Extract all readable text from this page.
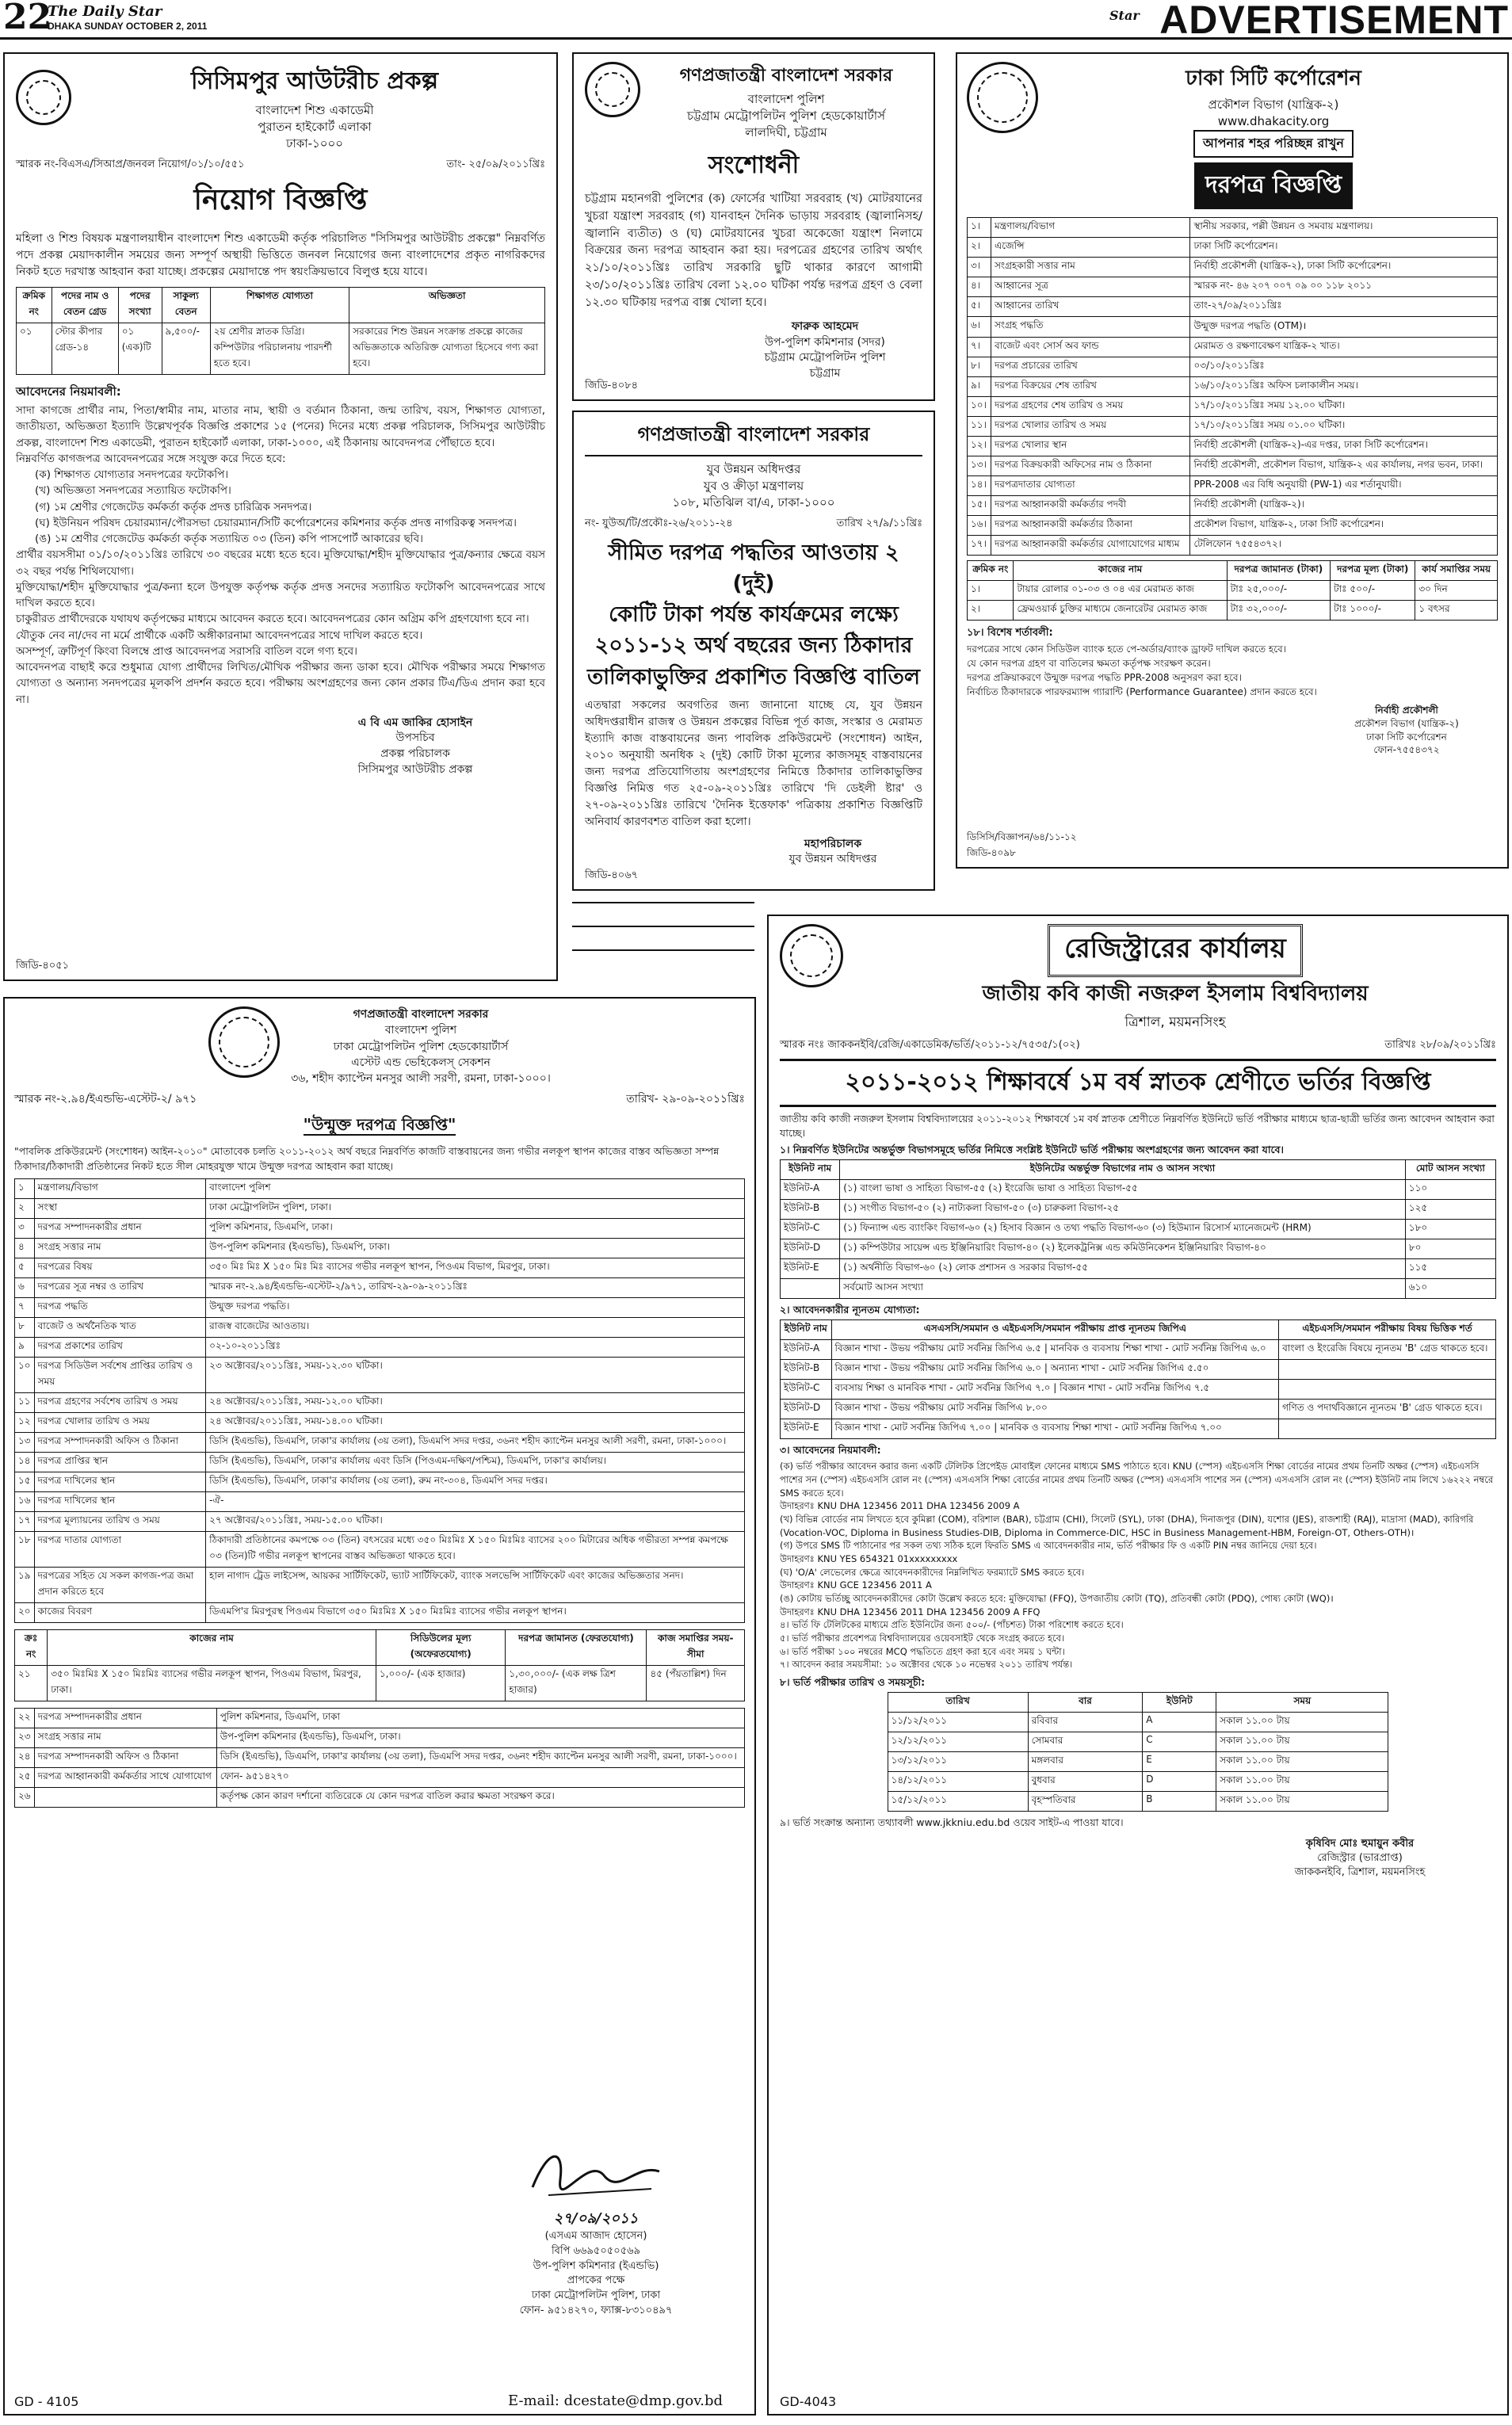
22
The Daily Star
DHAKA SUNDAY OCTOBER 2, 2011
Star ADVERTISEMENT
সিসিমপুর আউটরীচ প্রকল্প
বাংলাদেশ শিশু একাডেমী
পুরাতন হাইকোর্ট এলাকা
ঢাকা-১০০০
স্মারক নং-বিএসএ/সিআপ্র/জনবল নিয়োগ/০১/১০/৫৫১	তাং- ২৫/০৯/২০১১খ্রিঃ
নিয়োগ বিজ্ঞপ্তি
মহিলা ও শিশু বিষয়ক মন্ত্রণালয়াধীন বাংলাদেশ শিশু একাডেমী কর্তৃক পরিচালিত "সিসিমপুর আউটরীচ প্রকল্পে" নিম্নবর্ণিত পদে প্রকল্প মেয়াদকালীন সময়ের জন্য সম্পূর্ণ অস্থায়ী ভিত্তিতে জনবল নিয়োগের জন্য বাংলাদেশের প্রকৃত নাগরিকদের নিকট হতে দরখাস্ত আহবান করা যাচ্ছে। প্রকল্পের মেয়াদান্তে পদ স্বয়ংক্রিয়ভাবে বিলুপ্ত হয়ে যাবে।
ক্রমিক নং	পদের নাম ও বেতন গ্রেড	পদের সংখ্যা	সাকুল্য বেতন	শিক্ষাগত যোগ্যতা	অভিজ্ঞতা
০১	স্টোর কীপার গ্রেড-১৪	০১ (এক)টি	৯,৫০০/-	২য় শ্রেণীর স্নাতক ডিগ্রি। কম্পিউটার পরিচালনায় পারদর্শী হতে হবে।	সরকারের শিশু উন্নয়ন সংক্রান্ত প্রকল্পে কাজের অভিজ্ঞতাকে অতিরিক্ত যোগ্যতা হিসেবে গণ্য করা হবে।
আবেদনের নিয়মাবলী:
সাদা কাগজে প্রার্থীর নাম, পিতা/স্বামীর নাম, মাতার নাম, স্থায়ী ও বর্তমান ঠিকানা, জন্ম তারিখ, বয়স, শিক্ষাগত যোগ্যতা, জাতীয়তা, অভিজ্ঞতা ইত্যাদি উল্লেখপূর্বক বিজ্ঞপ্তি প্রকাশের ১৫ (পনের) দিনের মধ্যে প্রকল্প পরিচালক, সিসিমপুর আউটরীচ প্রকল্প, বাংলাদেশ শিশু একাডেমী, পুরাতন হাইকোর্ট এলাকা, ঢাকা-১০০০, এই ঠিকানায় আবেদনপত্র পৌঁছাতে হবে।
নিম্নবর্ণিত কাগজপত্র আবেদনপত্রের সঙ্গে সংযুক্ত করে দিতে হবে:
(ক) শিক্ষাগত যোগ্যতার সনদপত্রের ফটোকপি।
(খ) অভিজ্ঞতা সনদপত্রের সত্যায়িত ফটোকপি।
(গ) ১ম শ্রেণীর গেজেটেড কর্মকর্তা কর্তৃক প্রদত্ত চারিত্রিক সনদপত্র।
(ঘ) ইউনিয়ন পরিষদ চেয়ারম্যান/পৌরসভা চেয়ারম্যান/সিটি কর্পোরেশনের কমিশনার কর্তৃক প্রদত্ত নাগরিকত্ব সনদপত্র।
(ঙ) ১ম শ্রেণীর গেজেটেড কর্মকর্তা কর্তৃক সত্যায়িত ০৩ (তিন) কপি পাসপোর্ট আকারের ছবি।
প্রার্থীর বয়সসীমা ০১/১০/২০১১খ্রিঃ তারিখে ৩০ বছরের মধ্যে হতে হবে। মুক্তিযোদ্ধা/শহীদ মুক্তিযোদ্ধার পুত্র/কন্যার ক্ষেত্রে বয়স ৩২ বছর পর্যন্ত শিথিলযোগ্য।
মুক্তিযোদ্ধা/শহীদ মুক্তিযোদ্ধার পুত্র/কন্যা হলে উপযুক্ত কর্তৃপক্ষ কর্তৃক প্রদত্ত সনদের সত্যায়িত ফটোকপি আবেদনপত্রের সাথে দাখিল করতে হবে।
চাকুরীরত প্রার্থীদেরকে যথাযথ কর্তৃপক্ষের মাধ্যমে আবেদন করতে হবে। আবেদনপত্রের কোন অগ্রিম কপি গ্রহণযোগ্য হবে না।
যৌতুক নেব না/দেব না মর্মে প্রার্থীকে একটি অঙ্গীকারনামা আবেদনপত্রের সাথে দাখিল করতে হবে।
অসম্পূর্ণ, ত্রুটিপূর্ণ কিংবা বিলম্বে প্রাপ্ত আবেদনপত্র সরাসরি বাতিল বলে গণ্য হবে।
আবেদনপত্র বাছাই করে শুধুমাত্র যোগ্য প্রার্থীদের লিখিত/মৌখিক পরীক্ষার জন্য ডাকা হবে। মৌখিক পরীক্ষার সময়ে শিক্ষাগত যোগ্যতা ও অন্যান্য সনদপত্রের মূলকপি প্রদর্শন করতে হবে। পরীক্ষায় অংশগ্রহণের জন্য কোন প্রকার টিএ/ডিএ প্রদান করা হবে না।
এ বি এম জাকির হোসাইন
উপসচিব
প্রকল্প পরিচালক
সিসিমপুর আউটরীচ প্রকল্প
জিডি-৪০৫১
গণপ্রজাতন্ত্রী বাংলাদেশ সরকার
বাংলাদেশ পুলিশ
চট্টগ্রাম মেট্রোপলিটন পুলিশ হেডকোয়ার্টার্স
লালদিঘী, চট্টগ্রাম
সংশোধনী
চট্টগ্রাম মহানগরী পুলিশের (ক) ফোর্সের খাটিয়া সরবরাহ (খ) মোটরযানের খুচরা যন্ত্রাংশ সরবরাহ (গ) যানবাহন দৈনিক ভাড়ায় সরবরাহ (জ্বালানিসহ/জ্বালানি ব্যতীত) ও (ঘ) মোটরযানের খুচরা অকেজো যন্ত্রাংশ নিলামে বিক্রয়ের জন্য দরপত্র আহবান করা হয়। দরপত্রের গ্রহণের তারিখ অর্থাৎ ২১/১০/২০১১খ্রিঃ তারিখ সরকারি ছুটি থাকার কারণে আগামী ২৩/১০/২০১১খ্রিঃ তারিখ বেলা ১২.০০ ঘটিকা পর্যন্ত দরপত্র গ্রহণ ও বেলা ১২.৩০ ঘটিকায় দরপত্র বাক্স খোলা হবে।
ফারুক আহমেদ
উপ-পুলিশ কমিশনার (সদর)
চট্টগ্রাম মেট্রোপলিটন পুলিশ
চট্টগ্রাম
জিডি-৪০৮৪
গণপ্রজাতন্ত্রী বাংলাদেশ সরকার
যুব উন্নয়ন অধিদপ্তর
যুব ও ক্রীড়া মন্ত্রণালয়
১০৮, মতিঝিল বা/এ, ঢাকা-১০০০
নং- যুউঅ/টি/প্রকৌঃ-২৬/২০১১-২৪	তারিখ ২৭/৯/১১খ্রিঃ
সীমিত দরপত্র পদ্ধতির আওতায় ২ (দুই)
কোটি টাকা পর্যন্ত কার্যক্রমের লক্ষ্যে
২০১১-১২ অর্থ বছরের জন্য ঠিকাদার
তালিকাভুক্তির প্রকাশিত বিজ্ঞপ্তি বাতিল
এতদ্বারা সকলের অবগতির জন্য জানানো যাচ্ছে যে, যুব উন্নয়ন অধিদপ্তরাধীন রাজস্ব ও উন্নয়ন প্রকল্পের বিভিন্ন পূর্ত কাজ, সংস্কার ও মেরামত ইত্যাদি কাজ বাস্তবায়নের জন্য পাবলিক প্রকিউরমেন্ট (সংশোধন) আইন, ২০১০ অনুযায়ী অনধিক ২ (দুই) কোটি টাকা মূল্যের কাজসমূহ বাস্তবায়নের জন্য দরপত্র প্রতিযোগিতায় অংশগ্রহণের নিমিত্তে ঠিকাদার তালিকাভুক্তির বিজ্ঞপ্তি নিমিত্ত গত ২৫-০৯-২০১১খ্রিঃ তারিখে 'দি ডেইলী ষ্টার' ও ২৭-০৯-২০১১খ্রিঃ তারিখে 'দৈনিক ইত্তেফাক' পত্রিকায় প্রকাশিত বিজ্ঞপ্তিটি অনিবার্য কারণবশত বাতিল করা হলো।
মহাপরিচালক
যুব উন্নয়ন অধিদপ্তর
জিডি-৪০৬৭
ঢাকা সিটি কর্পোরেশন
প্রকৌশল বিভাগ (যান্ত্রিক-২)
www.dhakacity.org
আপনার শহর পরিচ্ছন্ন রাখুন
দরপত্র বিজ্ঞপ্তি
১।	মন্ত্রণালয়/বিভাগ	স্থানীয় সরকার, পল্লী উন্নয়ন ও সমবায় মন্ত্রণালয়।
২।	এজেন্সি	ঢাকা সিটি কর্পোরেশন।
৩।	সংগ্রহকারী সত্তার নাম	নির্বাহী প্রকৌশলী (যান্ত্রিক-২), ঢাকা সিটি কর্পোরেশন।
৪।	আহ্বানের সূত্র	স্মারক নং- ৪৬ ২০৭ ০০৭ ০৯ ০০ ১১৮ ২০১১
৫।	আহ্বানের তারিখ	তাং-২৭/০৯/২০১১খ্রিঃ
৬।	সংগ্রহ পদ্ধতি	উন্মুক্ত দরপত্র পদ্ধতি (OTM)।
৭।	বাজেট এবং সোর্স অব ফান্ড	মেরামত ও রক্ষণাবেক্ষণ যান্ত্রিক-২ খাত।
৮।	দরপত্র প্রচারের তারিখ	০৩/১০/২০১১খ্রিঃ
৯।	দরপত্র বিক্রয়ের শেষ তারিখ	১৬/১০/২০১১খ্রিঃ অফিস চলাকালীন সময়।
১০।	দরপত্র গ্রহণের শেষ তারিখ ও সময়	১৭/১০/২০১১খ্রিঃ সময় ১২.০০ ঘটিকা।
১১।	দরপত্র খোলার তারিখ ও সময়	১৭/১০/২০১১খ্রিঃ সময় ০১.০০ ঘটিকা।
১২।	দরপত্র খোলার স্থান	নির্বাহী প্রকৌশলী (যান্ত্রিক-২)-এর দপ্তর, ঢাকা সিটি কর্পোরেশন।
১৩।	দরপত্র বিক্রয়কারী অফিসের নাম ও ঠিকানা	নির্বাহী প্রকৌশলী, প্রকৌশল বিভাগ, যান্ত্রিক-২ এর কার্যালয়, নগর ভবন, ঢাকা।
১৪।	দরপত্রদাতার যোগ্যতা	PPR-2008 এর বিধি অনুযায়ী (PW-1) এর শর্তানুযায়ী।
১৫।	দরপত্র আহ্বানকারী কর্মকর্তার পদবী	নির্বাহী প্রকৌশলী (যান্ত্রিক-২)।
১৬।	দরপত্র আহ্বানকারী কর্মকর্তার ঠিকানা	প্রকৌশল বিভাগ, যান্ত্রিক-২, ঢাকা সিটি কর্পোরেশন।
১৭।	দরপত্র আহ্বানকারী কর্মকর্তার যোগাযোগের মাধ্যম	টেলিফোন ৭৫৫৪৩৭২।
ক্রমিক নং	কাজের নাম	দরপত্র জামানত (টাকা)	দরপত্র মূল্য (টাকা)	কার্য সমাপ্তির সময়
১।	টায়ার রোলার ০১-০৩ ও ০৪ এর মেরামত কাজ	টাঃ ২৫,০০০/-	টাঃ ৫০০/-	৩০ দিন
২।	ফ্রেমওয়ার্ক চুক্তির মাধ্যমে জেনারেটর মেরামত কাজ	টাঃ ৩২,০০০/-	টাঃ ১০০০/-	১ বৎসর
১৮। বিশেষ শর্তাবলী:
দরপত্রের সাথে কোন সিডিউল ব্যাংক হতে পে-অর্ডার/ব্যাংক ড্রাফট দাখিল করতে হবে।
যে কোন দরপত্র গ্রহণ বা বাতিলের ক্ষমতা কর্তৃপক্ষ সংরক্ষণ করেন।
দরপত্র প্রক্রিয়াকরণে উন্মুক্ত দরপত্র পদ্ধতি PPR-2008 অনুসরণ করা হবে।
নির্বাচিত ঠিকাদারকে পারফরম্যান্স গ্যারান্টি (Performance Guarantee) প্রদান করতে হবে।
নির্বাহী প্রকৌশলী
প্রকৌশল বিভাগ (যান্ত্রিক-২)
ঢাকা সিটি কর্পোরেশন
ফোন-৭৫৫৪৩৭২
ডিসিসি/বিজ্ঞাপন/৬৪/১১-১২
জিডি-৪০৯৮
গণপ্রজাতন্ত্রী বাংলাদেশ সরকার
বাংলাদেশ পুলিশ
ঢাকা মেট্রোপলিটন পুলিশ হেডকোয়ার্টার্স
এস্টেট এন্ড ভেহিকেলস্ সেকশন
৩৬, শহীদ ক্যাপ্টেন মনসুর আলী সরণী, রমনা, ঢাকা-১০০০।
স্মারক নং-২.৯৪/ইএন্ডভি-এস্টেট-২/ ৯৭১	তারিখ- ২৯-০৯-২০১১খ্রিঃ
"উন্মুক্ত দরপত্র বিজ্ঞপ্তি"
"পাবলিক প্রকিউরমেন্ট (সংশোধন) আইন-২০১০" মোতাবেক চলতি ২০১১-২০১২ অর্থ বছরে নিম্নবর্ণিত কাজটি বাস্তবায়নের জন্য গভীর নলকূপ স্থাপন কাজের বাস্তব অভিজ্ঞতা সম্পন্ন ঠিকাদার/ঠিকাদারী প্রতিষ্ঠানের নিকট হতে সীল মোহরযুক্ত খামে উন্মুক্ত দরপত্র আহবান করা যাচ্ছে।
১	মন্ত্রণালয়/বিভাগ	বাংলাদেশ পুলিশ
২	সংস্থা	ঢাকা মেট্রোপলিটন পুলিশ, ঢাকা।
৩	দরপত্র সম্পাদনকারীর প্রধান	পুলিশ কমিশনার, ডিএমপি, ঢাকা।
৪	সংগ্রহ সত্তার নাম	উপ-পুলিশ কমিশনার (ইএন্ডভি), ডিএমপি, ঢাকা।
৫	দরপত্রের বিষয়	৩৫০ মিঃ মিঃ X ১৫০ মিঃ মিঃ ব্যাসের গভীর নলকূপ স্থাপন, পিওএম বিভাগ, মিরপুর, ঢাকা।
৬	দরপত্রের সূত্র নম্বর ও তারিখ	স্মারক নং-২.৯৪/ইএন্ডভি-এস্টেট-২/৯৭১, তারিখ-২৯-০৯-২০১১খ্রিঃ
৭	দরপত্র পদ্ধতি	উন্মুক্ত দরপত্র পদ্ধতি।
৮	বাজেট ও অর্থনৈতিক খাত	রাজস্ব বাজেটের আওতায়।
৯	দরপত্র প্রকাশের তারিখ	০২-১০-২০১১খ্রিঃ
১০	দরপত্র সিডিউল সর্বশেষ প্রাপ্তির তারিখ ও সময়	২৩ অক্টোবর/২০১১খ্রিঃ, সময়-১২.৩০ ঘটিকা।
১১	দরপত্র গ্রহণের সর্বশেষ তারিখ ও সময়	২৪ অক্টোবর/২০১১খ্রিঃ, সময়-১২.০০ ঘটিকা।
১২	দরপত্র খোলার তারিখ ও সময়	২৪ অক্টোবর/২০১১খ্রিঃ, সময়-১৪.০০ ঘটিকা।
১৩	দরপত্র সম্পাদনকারী অফিস ও ঠিকানা	ডিসি (ইএন্ডভি), ডিএমপি, ঢাকা'র কার্যালয় (৩য় তলা), ডিএমপি সদর দপ্তর, ৩৬নং শহীদ ক্যাপ্টেন মনসুর আলী সরণী, রমনা, ঢাকা-১০০০।
১৪	দরপত্র প্রাপ্তির স্থান	ডিসি (ইএন্ডভি), ডিএমপি, ঢাকা'র কার্যালয় এবং ডিসি (পিওএম-দক্ষিণ/পশ্চিম), ডিএমপি, ঢাকা'র কার্যালয়।
১৫	দরপত্র দাখিলের স্থান	ডিসি (ইএন্ডভি), ডিএমপি, ঢাকা'র কার্যালয় (৩য় তলা), রুম নং-৩০৪, ডিএমপি সদর দপ্তর।
১৬	দরপত্র দাখিলের স্থান	-ঐ-
১৭	দরপত্র মূল্যায়নের তারিখ ও সময়	২৭ অক্টোবর/২০১১খ্রিঃ, সময়-১৫.০০ ঘটিকা।
১৮	দরপত্র দাতার যোগ্যতা	ঠিকাদারী প্রতিষ্ঠানের কমপক্ষে ০৩ (তিন) বৎসরের মধ্যে ৩৫০ মিঃমিঃ X ১৫০ মিঃমিঃ ব্যাসের ২০০ মিটারের অধিক গভীরতা সম্পন্ন কমপক্ষে ০৩ (তিন)টি গভীর নলকূপ স্থাপনের বাস্তব অভিজ্ঞতা থাকতে হবে।
১৯	দরপত্রের সহিত যে সকল কাগজ-পত্র জমা প্রদান করিতে হবে	হাল নাগাদ ট্রেড লাইসেন্স, আয়কর সার্টিফিকেট, ভ্যাট সার্টিফিকেট, ব্যাংক সলভেন্সি সার্টিফিকেট এবং কাজের অভিজ্ঞতার সনদ।
২০	কাজের বিবরণ	ডিএমপি'র মিরপুরস্থ পিওএম বিভাগে ৩৫০ মিঃমিঃ X ১৫০ মিঃমিঃ ব্যাসের গভীর নলকূপ স্থাপন।
ক্রঃ নং	কাজের নাম	সিডিউলের মূল্য (অফেরতযোগ্য)	দরপত্র জামানত (ফেরতযোগ্য)	কাজ সমাপ্তির সময়-সীমা
২১	৩৫০ মিঃমিঃ X ১৫০ মিঃমিঃ ব্যাসের গভীর নলকূপ স্থাপন, পিওএম বিভাগ, মিরপুর, ঢাকা।	১,০০০/- (এক হাজার)	১,৩০,০০০/- (এক লক্ষ ত্রিশ হাজার)	৪৫ (পঁয়তাল্লিশ) দিন
২২	দরপত্র সম্পাদনকারীর প্রধান	পুলিশ কমিশনার, ডিএমপি, ঢাকা
২৩	সংগ্রহ সত্তার নাম	উপ-পুলিশ কমিশনার (ইএন্ডভি), ডিএমপি, ঢাকা।
২৪	দরপত্র সম্পাদনকারী অফিস ও ঠিকানা	ডিসি (ইএন্ডভি), ডিএমপি, ঢাকা'র কার্যালয় (৩য় তলা), ডিএমপি সদর দপ্তর, ৩৬নং শহীদ ক্যাপ্টেন মনসুর আলী সরণী, রমনা, ঢাকা-১০০০।
২৫	দরপত্র আহ্বানকারী কর্মকর্তার সাথে যোগাযোগ	ফোন- ৯৫১৪২৭০
২৬		কর্তৃপক্ষ কোন কারণ দর্শানো ব্যতিরেকে যে কোন দরপত্র বাতিল করার ক্ষমতা সংরক্ষণ করে।
২৭/০৯/২০১১
(এসএম আজাদ হোসেন)
বিপি ৬৬৯৫০৫০৫৬৯
উপ-পুলিশ কমিশনার (ইএন্ডভি)
প্রাপকের পক্ষে
ঢাকা মেট্রোপলিটন পুলিশ, ঢাকা
ফোন- ৯৫১৪২৭০, ফ্যাক্স-৮৩১০৪৯৭
GD - 4105	E-mail: dcestate@dmp.gov.bd
রেজিস্ট্রারের কার্যালয়
জাতীয় কবি কাজী নজরুল ইসলাম বিশ্ববিদ্যালয়
ত্রিশাল, ময়মনসিংহ
স্মারক নংঃ জাককনইবি/রেজি/একাডেমিক/ভর্তি/২০১১-১২/৭৫৩৫/১(০২)	তারিখঃ ২৮/০৯/২০১১খ্রিঃ
২০১১-২০১২ শিক্ষাবর্ষে ১ম বর্ষ স্নাতক শ্রেণীতে ভর্তির বিজ্ঞপ্তি
জাতীয় কবি কাজী নজরুল ইসলাম বিশ্ববিদ্যালয়ের ২০১১-২০১২ শিক্ষাবর্ষে ১ম বর্ষ স্নাতক শ্রেণীতে নিম্নবর্ণিত ইউনিটে ভর্তি পরীক্ষার মাধ্যমে ছাত্র-ছাত্রী ভর্তির জন্য আবেদন আহবান করা যাচ্ছে।
১। নিম্নবর্ণিত ইউনিটের অন্তর্ভুক্ত বিভাগসমূহে ভর্তির নিমিত্তে সংশ্লিষ্ট ইউনিটে ভর্তি পরীক্ষায় অংশগ্রহণের জন্য আবেদন করা যাবে।
ইউনিট নাম	ইউনিটের অন্তর্ভুক্ত বিভাগের নাম ও আসন সংখ্যা	মোট আসন সংখ্যা
ইউনিট-A	(১) বাংলা ভাষা ও সাহিত্য বিভাগ-৫৫ (২) ইংরেজি ভাষা ও সাহিত্য বিভাগ-৫৫	১১০
ইউনিট-B	(১) সংগীত বিভাগ-৫০ (২) নাট্যকলা বিভাগ-৫০ (৩) চারুকলা বিভাগ-২৫	১২৫
ইউনিট-C	(১) ফিন্যান্স এন্ড ব্যাংকিং বিভাগ-৬০ (২) হিসাব বিজ্ঞান ও তথ্য পদ্ধতি বিভাগ-৬০ (৩) হিউম্যান রিসোর্স ম্যানেজমেন্ট (HRM)	১৮০
ইউনিট-D	(১) কম্পিউটার সায়েন্স এন্ড ইঞ্জিনিয়ারিং বিভাগ-৪০ (২) ইলেকট্রনিক্স এন্ড কমিউনিকেশন ইঞ্জিনিয়ারিং বিভাগ-৪০	৮০
ইউনিট-E	(১) অর্থনীতি বিভাগ-৬০ (২) লোক প্রশাসন ও সরকার বিভাগ-৫৫	১১৫
	সর্বমোট আসন সংখ্যা	৬১০
২। আবেদনকারীর ন্যূনতম যোগ্যতা:
ইউনিট নাম	এসএসসি/সমমান ও এইচএসসি/সমমান পরীক্ষায় প্রাপ্ত ন্যূনতম জিপিএ	এইচএসসি/সমমান পরীক্ষায় বিষয় ভিত্তিক শর্ত
ইউনিট-A	বিজ্ঞান শাখা - উভয় পরীক্ষায় মোট সর্বনিম্ন জিপিএ ৬.৫ | মানবিক ও ব্যবসায় শিক্ষা শাখা - মোট সর্বনিম্ন জিপিএ ৬.০	বাংলা ও ইংরেজি বিষয়ে ন্যূনতম 'B' গ্রেড থাকতে হবে।
ইউনিট-B	বিজ্ঞান শাখা - উভয় পরীক্ষায় মোট সর্বনিম্ন জিপিএ ৬.০ | অন্যান্য শাখা - মোট সর্বনিম্ন জিপিএ ৫.৫০	
ইউনিট-C	ব্যবসায় শিক্ষা ও মানবিক শাখা - মোট সর্বনিম্ন জিপিএ ৭.০ | বিজ্ঞান শাখা - মোট সর্বনিম্ন জিপিএ ৭.৫	
ইউনিট-D	বিজ্ঞান শাখা - উভয় পরীক্ষায় মোট সর্বনিম্ন জিপিএ ৮.০০	গণিত ও পদার্থবিজ্ঞানে ন্যূনতম 'B' গ্রেড থাকতে হবে।
ইউনিট-E	বিজ্ঞান শাখা - মোট সর্বনিম্ন জিপিএ ৭.০০ | মানবিক ও ব্যবসায় শিক্ষা শাখা - মোট সর্বনিম্ন জিপিএ ৭.০০	
৩। আবেদনের নিয়মাবলী:
(ক) ভর্তি পরীক্ষার আবেদন করার জন্য একটি টেলিটক প্রিপেইড মোবাইল ফোনের মাধ্যমে SMS পাঠাতে হবে। KNU (স্পেস) এইচএসসি শিক্ষা বোর্ডের নামের প্রথম তিনটি অক্ষর (স্পেস) এইচএসসি পাশের সন (স্পেস) এইচএসসি রোল নং (স্পেস) এসএসসি শিক্ষা বোর্ডের নামের প্রথম তিনটি অক্ষর (স্পেস) এসএসসি পাশের সন (স্পেস) এসএসসি রোল নং (স্পেস) ইউনিট নাম লিখে ১৬২২২ নম্বরে SMS করতে হবে।
উদাহরণঃ KNU DHA 123456 2011 DHA 123456 2009 A
(খ) বিভিন্ন বোর্ডের নাম লিখতে হবে কুমিল্লা (COM), বরিশাল (BAR), চট্টগ্রাম (CHI), সিলেট (SYL), ঢাকা (DHA), দিনাজপুর (DIN), যশোর (JES), রাজশাহী (RAJ), মাদ্রাসা (MAD), কারিগরি (Vocation-VOC, Diploma in Business Studies-DIB, Diploma in Commerce-DIC, HSC in Business Management-HBM, Foreign-OT, Others-OTH)।
(গ) উপরে SMS টি পাঠানোর পর সকল তথ্য সঠিক হলে ফিরতি SMS এ আবেদনকারীর নাম, ভর্তি পরীক্ষার ফি ও একটি PIN নম্বর জানিয়ে দেয়া হবে।
উদাহরণঃ KNU YES 654321 01xxxxxxxxx
(ঘ) 'O/A' লেভেলের ক্ষেত্রে আবেদনকারীদের নিম্নলিখিত ফরম্যাটে SMS করতে হবে।
উদাহরণঃ KNU GCE 123456 2011 A
(ঙ) কোটায় ভর্তিচ্ছু আবেদনকারীদের কোটা উল্লেখ করতে হবে: মুক্তিযোদ্ধা (FFQ), উপজাতীয় কোটা (TQ), প্রতিবন্ধী কোটা (PDQ), পোষ্য কোটা (WQ)।
উদাহরণঃ KNU DHA 123456 2011 DHA 123456 2009 A FFQ
৪। ভর্তি ফি টেলিটকের মাধ্যমে প্রতি ইউনিটের জন্য ৫০০/- (পাঁচশত) টাকা পরিশোধ করতে হবে।
৫। ভর্তি পরীক্ষার প্রবেশপত্র বিশ্ববিদ্যালয়ের ওয়েবসাইট থেকে সংগ্রহ করতে হবে।
৬। ভর্তি পরীক্ষা ১০০ নম্বরের MCQ পদ্ধতিতে গ্রহণ করা হবে এবং সময় ১ ঘন্টা।
৭। আবেদন করার সময়সীমা: ১০ অক্টোবর থেকে ১০ নভেম্বর ২০১১ তারিখ পর্যন্ত।
৮। ভর্তি পরীক্ষার তারিখ ও সময়সূচী:
তারিখ	বার	ইউনিট	সময়
১১/১২/২০১১	রবিবার	A	সকাল ১১.০০ টায়
১২/১২/২০১১	সোমবার	C	সকাল ১১.০০ টায়
১৩/১২/২০১১	মঙ্গলবার	E	সকাল ১১.০০ টায়
১৪/১২/২০১১	বুধবার	D	সকাল ১১.০০ টায়
১৫/১২/২০১১	বৃহস্পতিবার	B	সকাল ১১.০০ টায়
৯। ভর্তি সংক্রান্ত অন্যান্য তথ্যাবলী www.jkkniu.edu.bd ওয়েব সাইট-এ পাওয়া যাবে।
কৃষিবিদ মোঃ হুমায়ুন কবীর
রেজিস্ট্রার (ভারপ্রাপ্ত)
জাককনইবি, ত্রিশাল, ময়মনসিংহ
GD-4043
